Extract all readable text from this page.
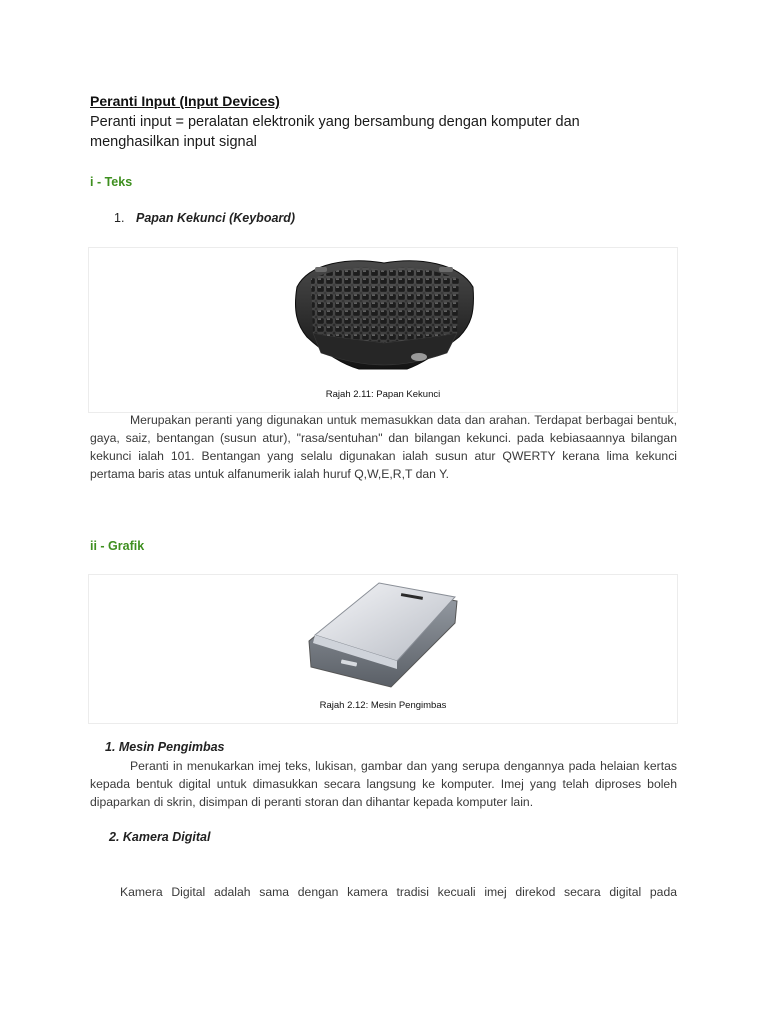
Peranti Input (Input Devices)
Peranti input = peralatan elektronik yang bersambung dengan komputer dan menghasilkan input signal
i - Teks
1. Papan Kekunci (Keyboard)
Rajah 2.11: Papan Kekunci
Merupakan peranti yang digunakan untuk memasukkan data dan arahan. Terdapat berbagai bentuk, gaya, saiz, bentangan (susun atur), "rasa/sentuhan" dan bilangan kekunci. pada kebiasaannya bilangan kekunci ialah 101. Bentangan yang selalu digunakan ialah susun atur QWERTY kerana lima kekunci pertama baris atas untuk alfanumerik ialah huruf Q,W,E,R,T dan Y.
ii - Grafik
Rajah 2.12: Mesin Pengimbas
1. Mesin Pengimbas
Peranti in menukarkan imej teks, lukisan, gambar dan yang serupa dengannya pada helaian kertas kepada bentuk digital untuk dimasukkan secara langsung ke komputer. Imej yang telah diproses boleh dipaparkan di skrin, disimpan di peranti storan dan dihantar kepada komputer lain.
2. Kamera Digital
Kamera Digital adalah sama dengan kamera tradisi kecuali imej direkod secara digital pada
